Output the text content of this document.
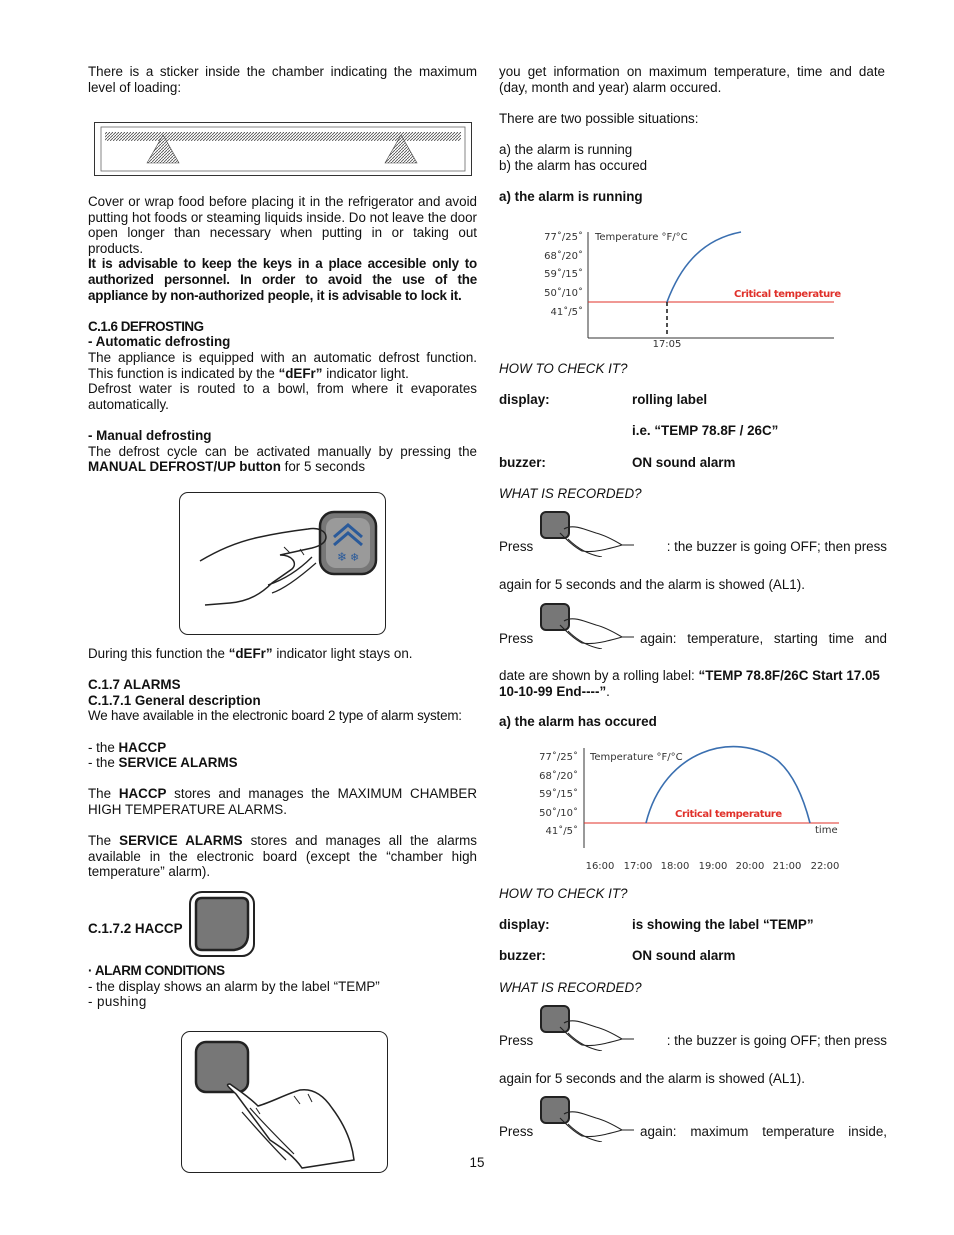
There is a sticker inside the chamber indicating the maximum level of loading:
Cover or wrap food before placing it in the refrigerator and avoid putting hot foods or steaming liquids inside. Do not leave the door open longer than necessary when putting in or taking out products.
It is advisable to keep the keys in a place accesible only to authorized personnel. In order to avoid the use of the appliance by non-authorized people, it is advisable to lock it.
C.1.6 DEFROSTING
- Automatic defrosting
The appliance is equipped with an automatic defrost function. This function is indicated by the “dEFr” indicator light.
Defrost water is routed to a bowl, from where it evaporates automatically.
- Manual defrosting
The defrost cycle can be activated manually by pressing the MANUAL DEFROST/UP button for 5 seconds
❄ ❄
During this function the “dEFr” indicator light stays on.
C.1.7 ALARMS
C.1.7.1 General description
We have available in the electronic board 2 type of alarm system:
- the HACCP
- the SERVICE ALARMS
The HACCP stores and manages the MAXIMUM CHAMBER HIGH TEMPERATURE ALARMS.
The SERVICE ALARMS stores and manages all the alarms available in the electronic board (except the “chamber high temperature” alarm).
C.1.7.2 HACCP
· ALARM CONDITIONS
- the display shows an alarm by the label “TEMP”
- pushing
you get information on maximum temperature, time and date (day, month and year) alarm occured.
There are two possible situations:
a) the alarm is running
b) the alarm has occured
a) the alarm is running
77˚/25˚
68˚/20˚
59˚/15˚
50˚/10˚
41˚/5˚
Temperature °F/°C
Critical temperature
17:05
HOW TO CHECK IT?
display:	rolling label
i.e. “TEMP 78.8F / 26C”
buzzer:	ON sound alarm
WHAT IS RECORDED?
Press	: the buzzer is going OFF; then press
again for 5 seconds and the alarm is showed (AL1).
Press	again: temperature, starting time and
date are shown by a rolling label: “TEMP 78.8F/26C Start 17.05 10-10-99 End----”.
a) the alarm has occured
77˚/25˚
68˚/20˚
59˚/15˚
50˚/10˚
41˚/5˚
Temperature °F/°C
Critical temperature
time
16:00 17:00 18:00 19:00 20:00 21:00 22:00
HOW TO CHECK IT?
display:	is showing the label “TEMP”
buzzer:	ON sound alarm
WHAT IS RECORDED?
Press	: the buzzer is going OFF; then press
again for 5 seconds and the alarm is showed (AL1).
Press	again: maximum temperature inside,
15
